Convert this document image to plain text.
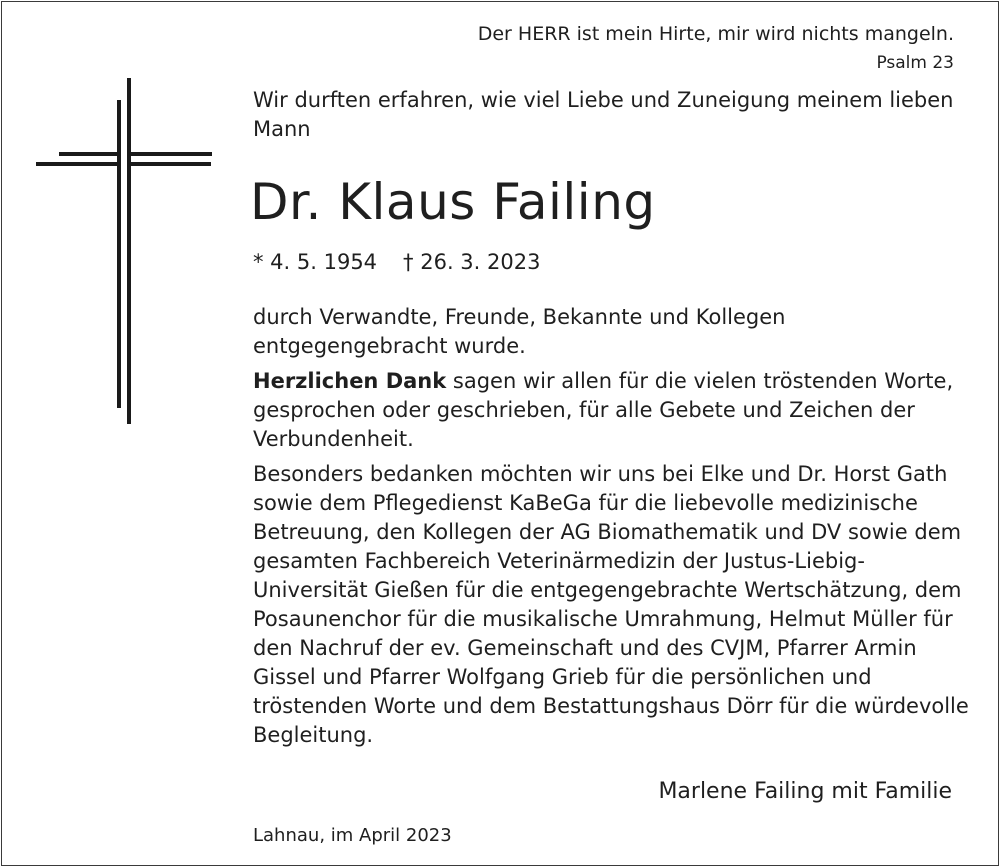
Der HERR ist mein Hirte, mir wird nichts mangeln.
Psalm 23
Wir durften erfahren, wie viel Liebe und Zuneigung meinem lieben Mann
Dr. Klaus Failing
* 4. 5. 1954 † 26. 3. 2023

durch Verwandte, Freunde, Bekannte und Kollegen entgegengebracht wurde.

Herzlichen Dank sagen wir allen für die vielen tröstenden Worte, gesprochen oder geschrieben, für alle Gebete und Zeichen der Verbundenheit.

Besonders bedanken möchten wir uns bei Elke und Dr. Horst Gath sowie dem Pflegedienst KaBeGa für die liebevolle medizinische Betreuung, den Kollegen der AG Biomathematik und DV sowie dem gesamten Fachbereich Veterinärmedizin der Justus-Liebig-Universität Gießen für die entgegengebrachte Wertschätzung, dem Posaunenchor für die musikalische Umrahmung, Helmut Müller für den Nachruf der ev. Gemeinschaft und des CVJM, Pfarrer Armin Gissel und Pfarrer Wolfgang Grieb für die persönlichen und tröstenden Worte und dem Bestattungshaus Dörr für die würdevolle Begleitung.

Marlene Failing mit Familie
Lahnau, im April 2023
